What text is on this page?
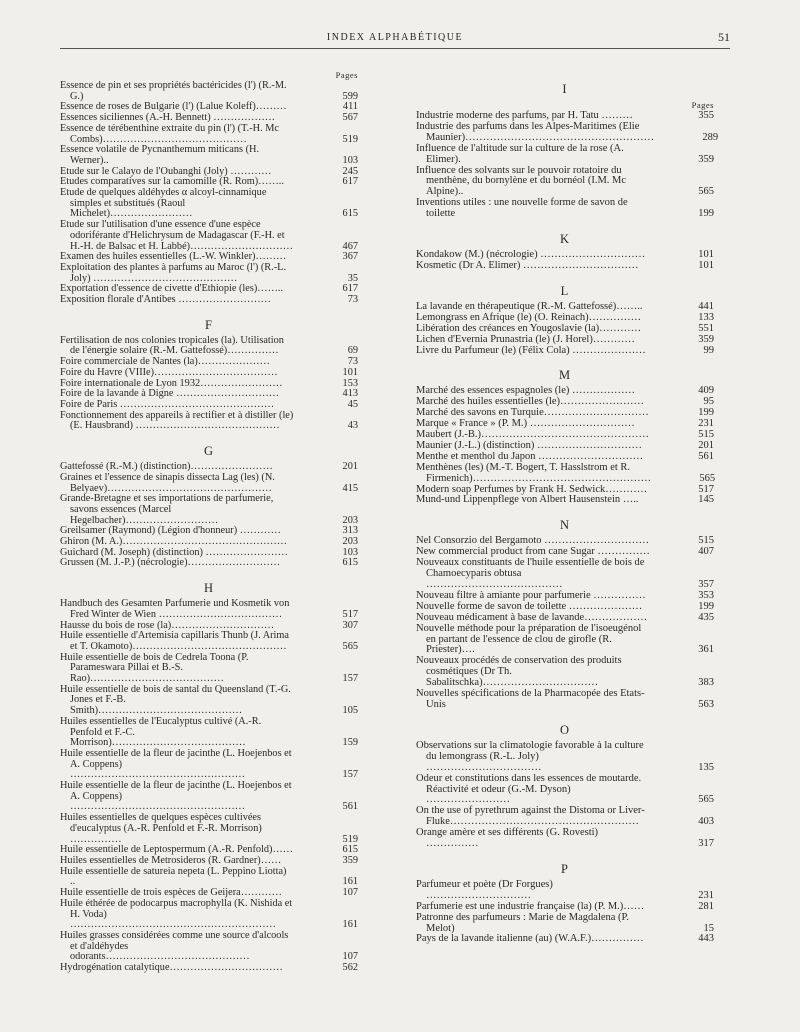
INDEX ALPHABÉTIQUE	51
Pages
Essence de pin et ses propriétés bactéricides (l') (R.-M. G.)	599
Essence de roses de Bulgarie (l') (Lalue Koleff)………	411
Essences siciliennes (A.-H. Bennett) ………………	567
Essence de térébenthine extraite du pin (l') (T.-H. Mc Combs)……………………………………	519
Essence volatile de Pycnanthemum miticans (H. Werner)..	103
Etude sur le Calayo de l'Oubanghi (Joly) …………	245
Etudes comparatives sur la camomille (R. Rom)……..	617
Etude de quelques aldéhydes α alcoyl-cinnamique simples et substitués (Raoul Michelet)……………………	615
Etude sur l'utilisation d'une essence d'une espèce odoriférante d'Helichrysum de Madagascar (F.-H. et H.-H. de Balsac et H. Labbé)…………………………	467
Examen des huiles essentielles (L.-W. Winkler)………	367
Exploitation des plantes à parfums au Maroc (l') (R.-L. Joly) ……………………………………	35
Exportation d'essence de civette d'Ethiopie (les)……..	617
Exposition florale d'Antibes ………………………	73
F
Fertilisation de nos colonies tropicales (la). Utilisation de l'énergie solaire (R.-M. Gattefossé)……………	69
Foire commerciale de Nantes (la)…………………	73
Foire du Havre (VIIIe)………………………………	101
Foire internationale de Lyon 1932……………………	153
Foire de la lavande à Digne …………………………	413
Foire de Paris ………………………………………	45
Fonctionnement des appareils à rectifier et à distiller (le) (E. Hausbrand) ……………………………………	43
G
Gattefossé (R.-M.) (distinction)……………………	201
Graines et l'essence de sinapis dissecta Lag (les) (N. Belyaev)…………………………………………	415
Grande-Bretagne et ses importations de parfumerie, savons essences (Marcel Hegelbacher)………………………	203
Greilsamer (Raymond) (Légion d'honneur) …………	313
Ghiron (M. A.)…………………………………………	203
Guichard (M. Joseph) (distinction) ……………………	103
Grussen (M. J.-P.) (nécrologie)………………………	615
H
Handbuch des Gesamten Parfumerie und Kosmetik von Fred Winter de Wien ………………………………	517
Hausse du bois de rose (la)…………………………	307
Huile essentielle d'Artemisia capillaris Thunb (J. Arima et T. Okamoto)………………………………………	565
Huile essentielle de bois de Cedrela Toona (P. Parameswara Pillai et B.-S. Rao)…………………………………	157
Huile essentielle de bois de santal du Queensland (T.-G. Jones et F.-B. Smith)……………………………………	105
Huiles essentielles de l'Eucalyptus cultivé (A.-R. Penfold et F.-C. Morrison)…………………………………	159
Huile essentielle de la fleur de jacinthe (L. Hoejenbos et A. Coppens) ……………………………………………	157
Huile essentielle de la fleur de jacinthe (L. Hoejenbos et A. Coppens) ……………………………………………	561
Huiles essentielles de quelques espèces cultivées d'eucalyptus (A.-R. Penfold et F.-R. Morrison) ……………	519
Huile essentielle de Leptospermum (A.-R. Penfold)……	615
Huiles essentielles de Metrosideros (R. Gardner)……	359
Huile essentielle de satureia nepeta (L. Peppino Liotta) ..	161
Huile essentielle de trois espèces de Geijera…………	107
Huile éthérée de podocarpus macrophylla (K. Nishida et H. Voda) ……………………………………………………	161
Huiles grasses considérées comme une source d'alcools et d'aldéhydes odorants……………………………………	107
Hydrogénation catalytique……………………………	562
I
Pages
Industrie moderne des parfums, par H. Tatu ………	355
Industrie des parfums dans les Alpes-Maritimes (Elie Maunier)………………………………………………	289
Influence de l'altitude sur la culture de la rose (A. Elimer).	359
Influence des solvants sur le pouvoir rotatoire du menthène, du bornylène et du bornéol (I.M. Mc Alpine)..	565
Inventions utiles : une nouvelle forme de savon de toilette	199
K
Kondakow (M.) (nécrologie) …………………………	101
Kosmetic (Dr A. Elimer) ……………………………	101
L
La lavande en thérapeutique (R.-M. Gattefossé)……..	441
Lemongrass en Afrique (le) (O. Reinach)……………	133
Libération des créances en Yougoslavie (la)…………	551
Lichen d'Evernia Prunastria (le) (J. Horel)…………	359
Livre du Parfumeur (le) (Félix Cola) …………………	99
M
Marché des essences espagnoles (le) ………………	409
Marché des huiles essentielles (le)……………………	95
Marché des savons en Turquie…………………………	199
Marque « France » (P. M.) …………………………	231
Maubert (J.-B.)…………………………………………	515
Maunier (J.-L.) (distinction) …………………………	201
Menthe et menthol du Japon …………………………	561
Menthènes (les) (M.-T. Bogert, T. Hasslstrom et R. Firmenich)……………………………………………	565
Modern soap Perfumes by Frank H. Sedwick…………	517
Mund-und Lippenpflege von Albert Hausenstein …..	145
N
Nel Consorzio del Bergamoto …………………………	515
New commercial product from cane Sugar ……………	407
Nouveaux constituants de l'huile essentielle de bois de Chamoecyparis obtusa …………………………………	357
Nouveau filtre à amiante pour parfumerie ……………	353
Nouvelle forme de savon de toilette …………………	199
Nouveau médicament à base de lavande………………	435
Nouvelle méthode pour la préparation de l'isoeugénol en partant de l'essence de clou de girofle (R. Priester)….	361
Nouveaux procédés de conservation des produits cosmétiques (Dr Th. Sabalitschka)……………………………	383
Nouvelles spécifications de la Pharmacopée des Etats-Unis	563
O
Observations sur la climatologie favorable à la culture du lemongrass (R.-L. Joly) ……………………………	135
Odeur et constitutions dans les essences de moutarde. Réactivité et odeur (G.-M. Dyson) ……………………	565
On the use of pyrethrum against the Distoma or Liver-Fluke………………………………………………	403
Orange amère et ses différents (G. Rovesti) ……………	317
P
Parfumeur et poète (Dr Forgues) …………………………	231
Parfumerie est une industrie française (la) (P. M.)……	281
Patronne des parfumeurs : Marie de Magdalena (P. Melot)	15
Pays de la lavande italienne (au) (W.A.F.)……………	443
